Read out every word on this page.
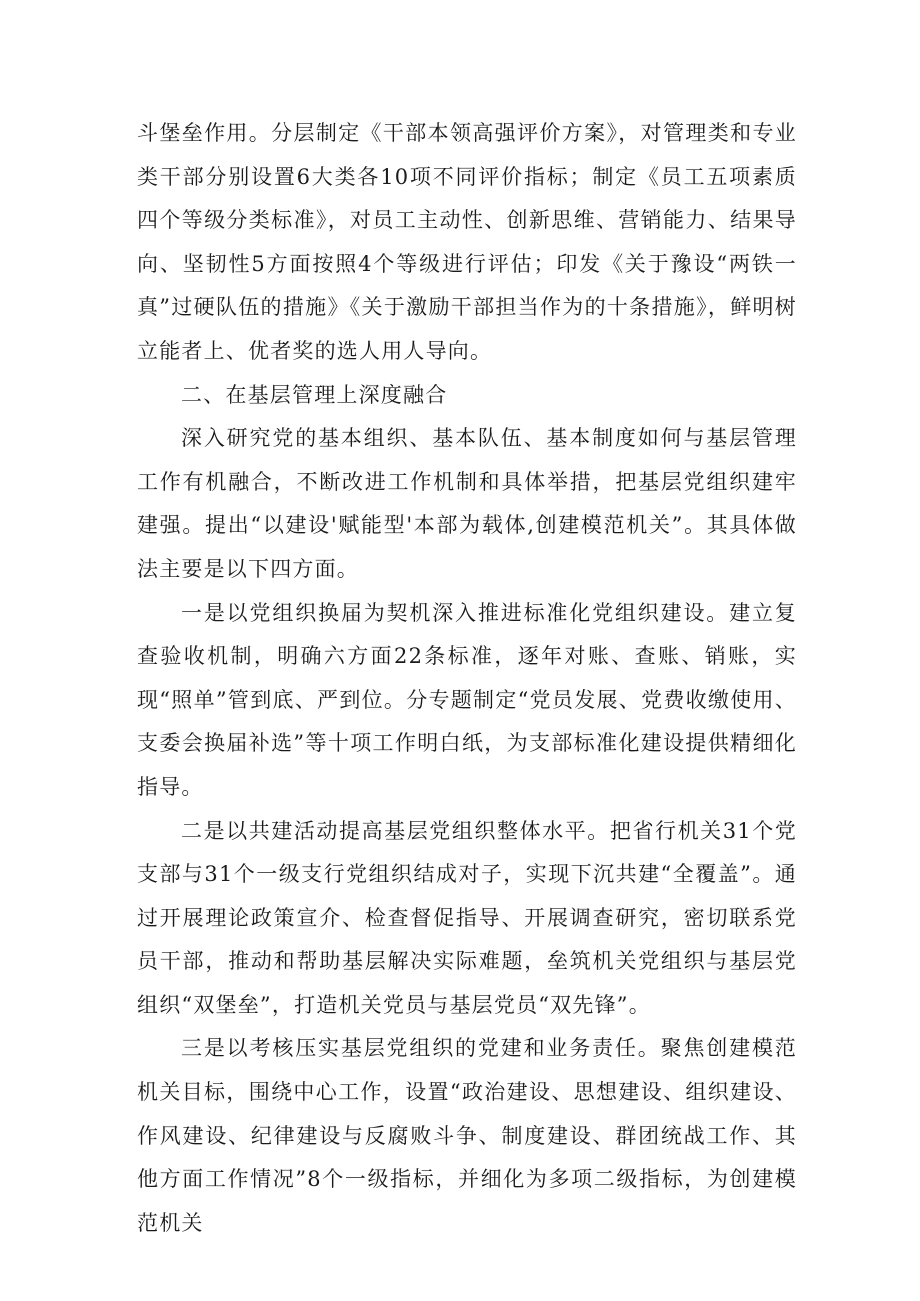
斗堡垒作用。分层制定《干部本领高强评价方案》，对管理类和专业类干部分别设置6大类各10项不同评价指标；制定《员工五项素质四个等级分类标准》，对员工主动性、创新思维、营销能力、结果导向、坚韧性5方面按照4个等级进行评估；印发《关于豫设“两铁一真”过硬队伍的措施》《关于激励干部担当作为的十条措施》，鲜明树立能者上、优者奖的选人用人导向。

二、在基层管理上深度融合

深入研究党的基本组织、基本队伍、基本制度如何与基层管理工作有机融合，不断改进工作机制和具体举措，把基层党组织建牢建强。提出“以建设'赋能型'本部为载体,创建模范机关”。其具体做法主要是以下四方面。

一是以党组织换届为契机深入推进标准化党组织建设。建立复查验收机制，明确六方面22条标准，逐年对账、查账、销账，实现“照单”管到底、严到位。分专题制定“党员发展、党费收缴使用、支委会换届补选”等十项工作明白纸，为支部标准化建设提供精细化指导。

二是以共建活动提高基层党组织整体水平。把省行机关31个党支部与31个一级支行党组织结成对子，实现下沉共建“全覆盖”。通过开展理论政策宣介、检查督促指导、开展调查研究，密切联系党员干部，推动和帮助基层解决实际难题，垒筑机关党组织与基层党组织“双堡垒”，打造机关党员与基层党员“双先锋”。

三是以考核压实基层党组织的党建和业务责任。聚焦创建模范机关目标，围绕中心工作，设置“政治建设、思想建设、组织建设、作风建设、纪律建设与反腐败斗争、制度建设、群团统战工作、其他方面工作情况”8个一级指标，并细化为多项二级指标，为创建模范机关
